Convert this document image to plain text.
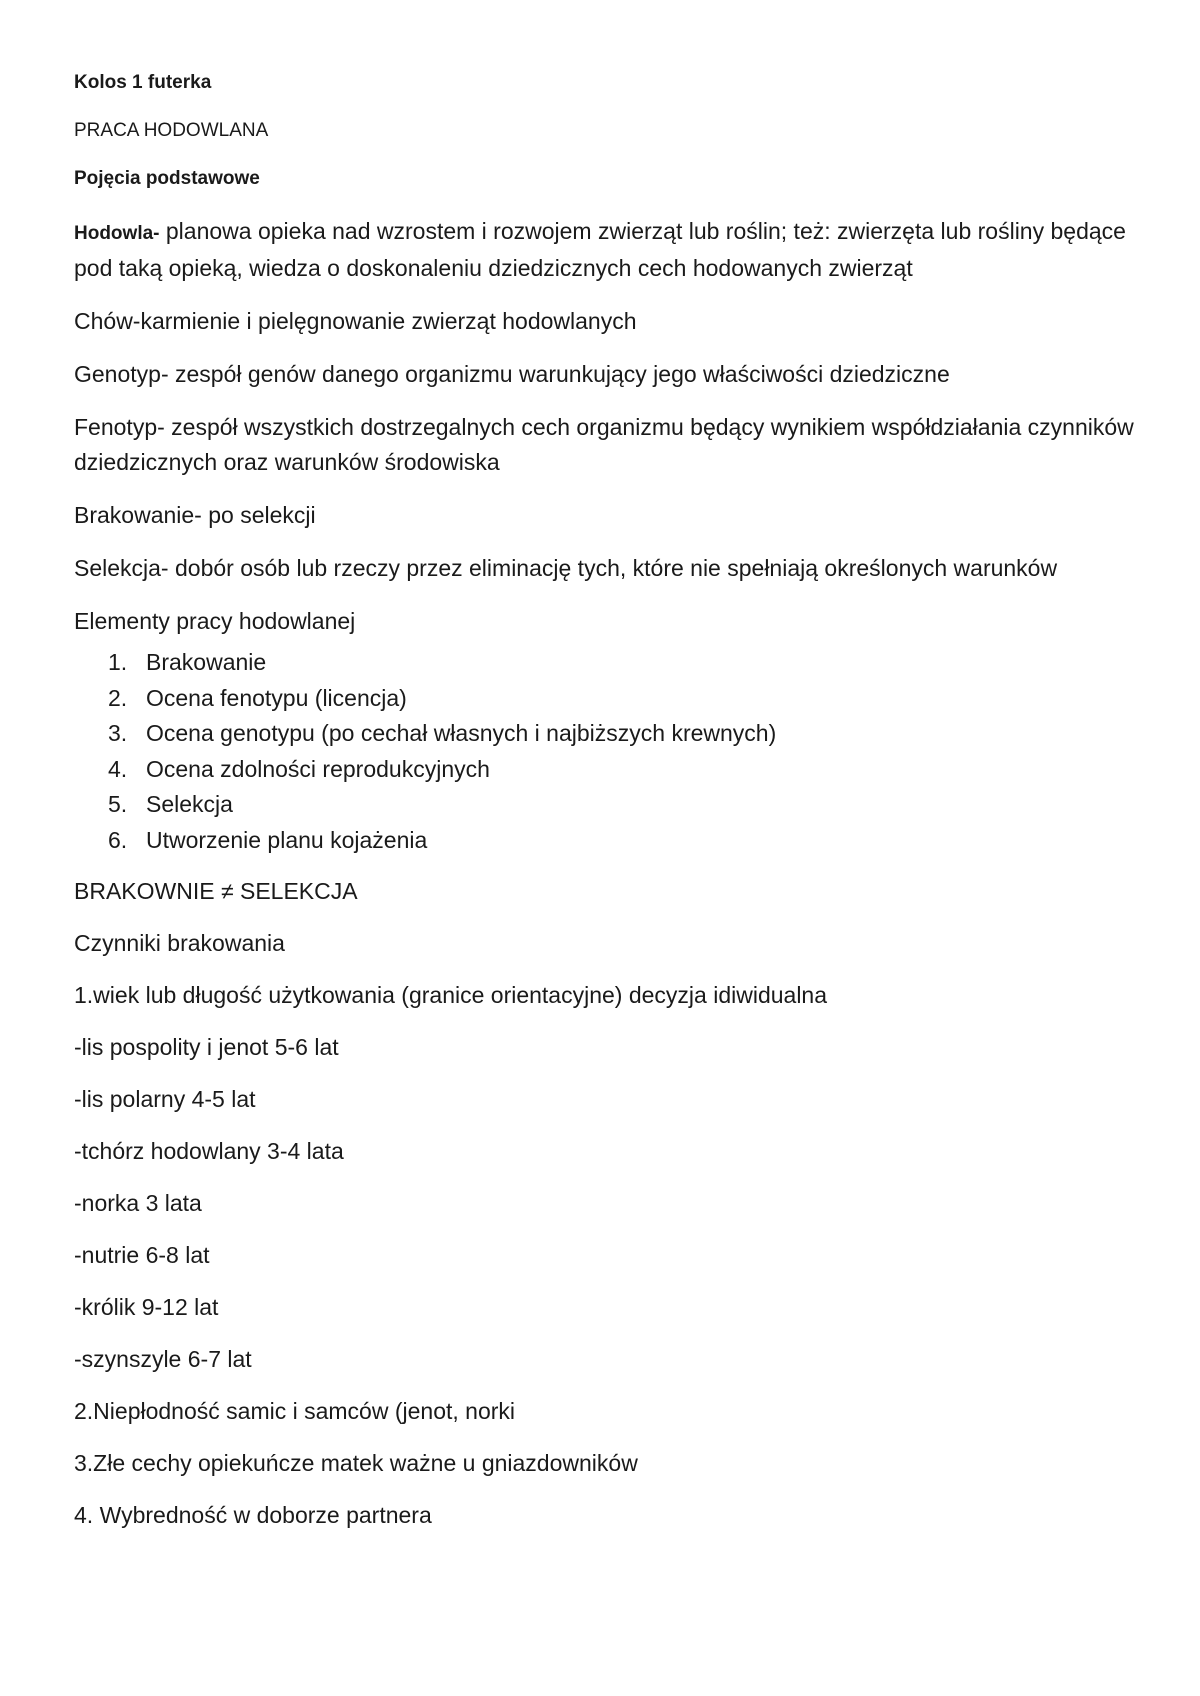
Kolos 1 futerka

PRACA HODOWLANA

Pojęcia podstawowe

Hodowla- planowa opieka nad wzrostem i rozwojem zwierząt lub roślin; też: zwierzęta lub rośliny będące pod taką opieką, wiedza o doskonaleniu dziedzicznych cech hodowanych zwierząt

Chów-karmienie i pielęgnowanie zwierząt hodowlanych

Genotyp- zespół genów danego organizmu warunkujący jego właściwości dziedziczne

Fenotyp- zespół wszystkich dostrzegalnych cech organizmu będący wynikiem współdziałania czynników dziedzicznych oraz warunków środowiska

Brakowanie- po selekcji

Selekcja- dobór osób lub rzeczy przez eliminację tych, które nie spełniają określonych warunków

Elementy pracy hodowlanej

1. Brakowanie
2. Ocena fenotypu (licencja)
3. Ocena genotypu (po cechał własnych i najbiższych krewnych)
4. Ocena zdolności reprodukcyjnych
5. Selekcja
6. Utworzenie planu kojażenia

BRAKOWNIE ≠ SELEKCJA

Czynniki brakowania

1.wiek lub długość użytkowania (granice orientacyjne) decyzja idiwidualna

-lis pospolity i jenot 5-6 lat

-lis polarny 4-5 lat

-tchórz hodowlany 3-4 lata

-norka 3 lata

-nutrie 6-8 lat

-królik 9-12 lat

-szynszyle 6-7 lat

2.Niepłodność samic i samców (jenot, norki

3.Złe cechy opiekuńcze matek ważne u gniazdowników

4. Wybredność w doborze partnera
